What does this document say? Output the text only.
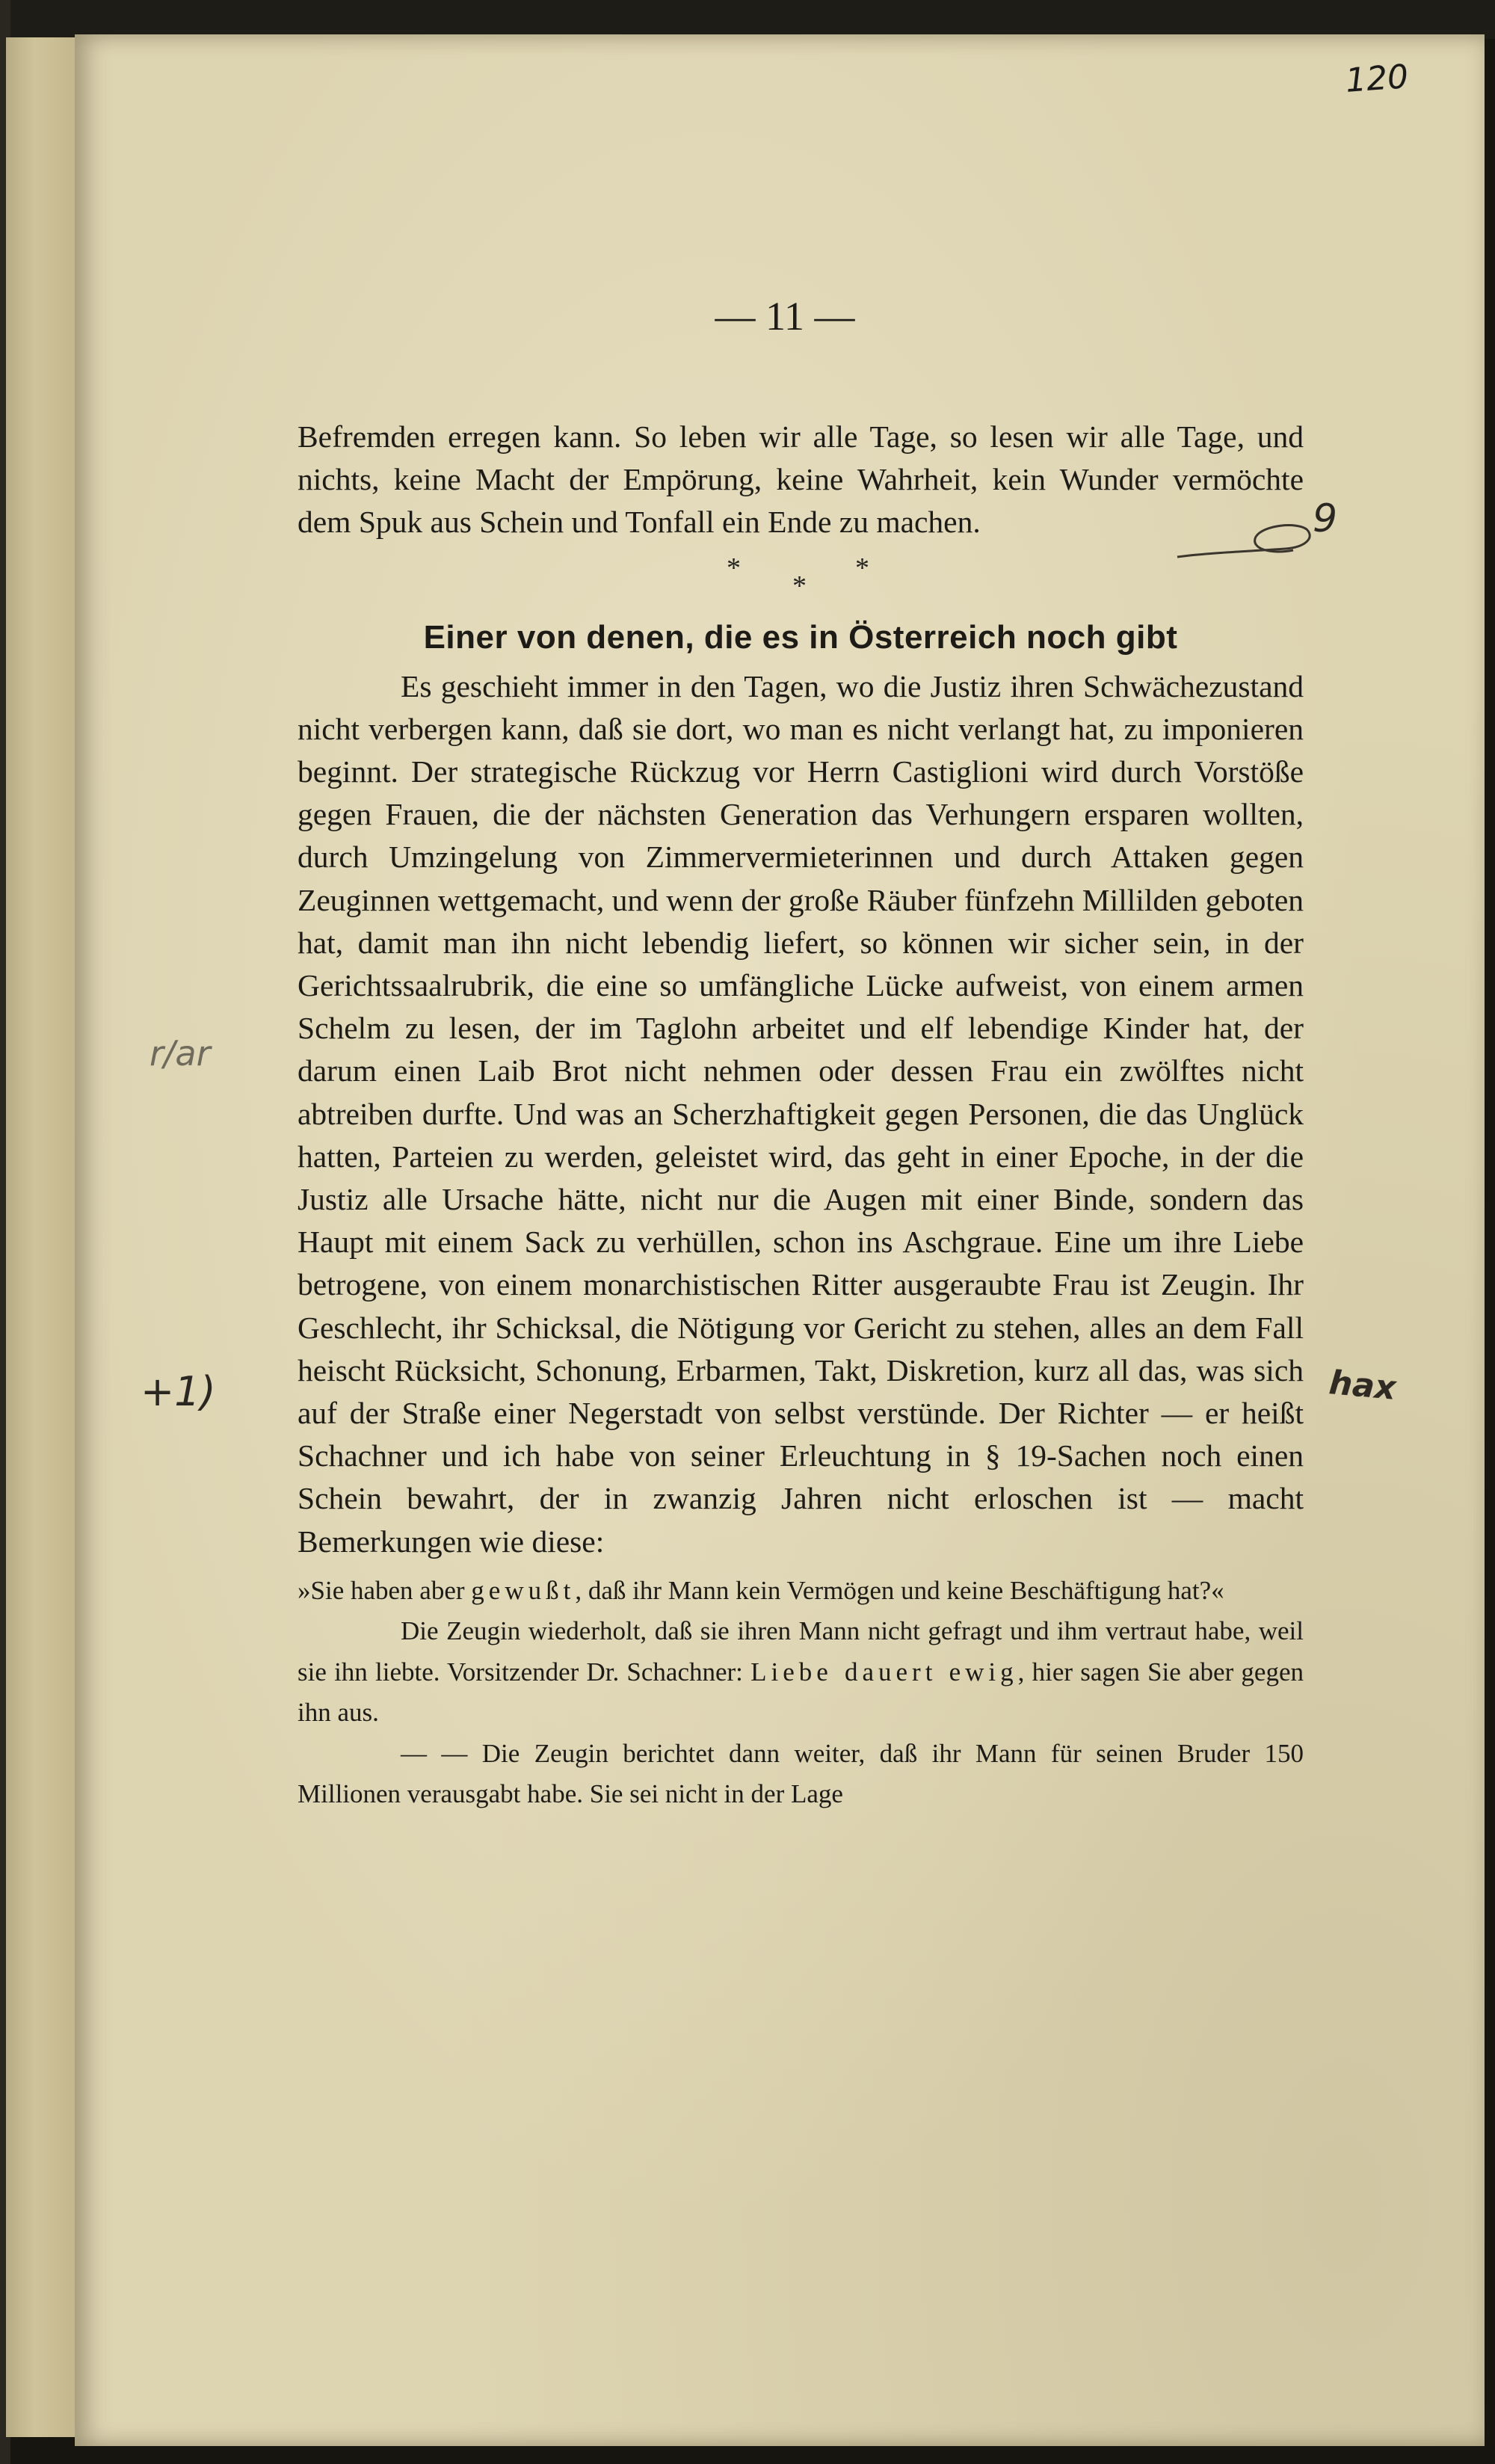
120
— 11 —

Befremden erregen kann. So leben wir alle Tage, so lesen wir alle Tage, und nichts, keine Macht der Empörung, keine Wahrheit, kein Wunder vermöchte dem Spuk aus Schein und Tonfall ein Ende zu machen.

*
*
*
Einer von denen, die es in Österreich noch gibt

Es geschieht immer in den Tagen, wo die Justiz ihren Schwächezustand nicht verbergen kann, daß sie dort, wo man es nicht verlangt hat, zu imponieren beginnt. Der strategische Rückzug vor Herrn Castiglioni wird durch Vorstöße gegen Frauen, die der nächsten Generation das Verhungern ersparen wollten, durch Umzingelung von Zimmervermieterinnen und durch Attaken gegen Zeuginnen wettgemacht, und wenn der große Räuber fünfzehn Millilden geboten hat, damit man ihn nicht lebendig liefert, so können wir sicher sein, in der Gerichtssaalrubrik, die eine so umfängliche Lücke aufweist, von einem armen Schelm zu lesen, der im Taglohn arbeitet und elf lebendige Kinder hat, der darum einen Laib Brot nicht nehmen oder dessen Frau ein zwölftes nicht abtreiben durfte. Und was an Scherzhaftigkeit gegen Personen, die das Unglück hatten, Parteien zu werden, geleistet wird, das geht in einer Epoche, in der die Justiz alle Ursache hätte, nicht nur die Augen mit einer Binde, sondern das Haupt mit einem Sack zu verhüllen, schon ins Aschgraue. Eine um ihre Liebe betrogene, von einem monarchistischen Ritter ausgeraubte Frau ist Zeugin. Ihr Geschlecht, ihr Schicksal, die Nötigung vor Gericht zu stehen, alles an dem Fall heischt Rücksicht, Schonung, Erbarmen, Takt, Diskretion, kurz all das, was sich auf der Straße einer Negerstadt von selbst verstünde. Der Richter — er heißt Schachner und ich habe von seiner Erleuchtung in § 19-Sachen noch einen Schein bewahrt, der in zwanzig Jahren nicht erloschen ist — macht Bemerkungen wie diese:

»Sie haben aber gewußt, daß ihr Mann kein Vermögen und keine Beschäftigung hat?«

Die Zeugin wiederholt, daß sie ihren Mann nicht gefragt und ihm vertraut habe, weil sie ihn liebte. Vorsitzender Dr. Schachner: Liebe dauert ewig, hier sagen Sie aber gegen ihn aus.

— — Die Zeugin berichtet dann weiter, daß ihr Mann für seinen Bruder 150 Millionen verausgabt habe. Sie sei nicht in der Lage

9
r/ar
+1)	hax
